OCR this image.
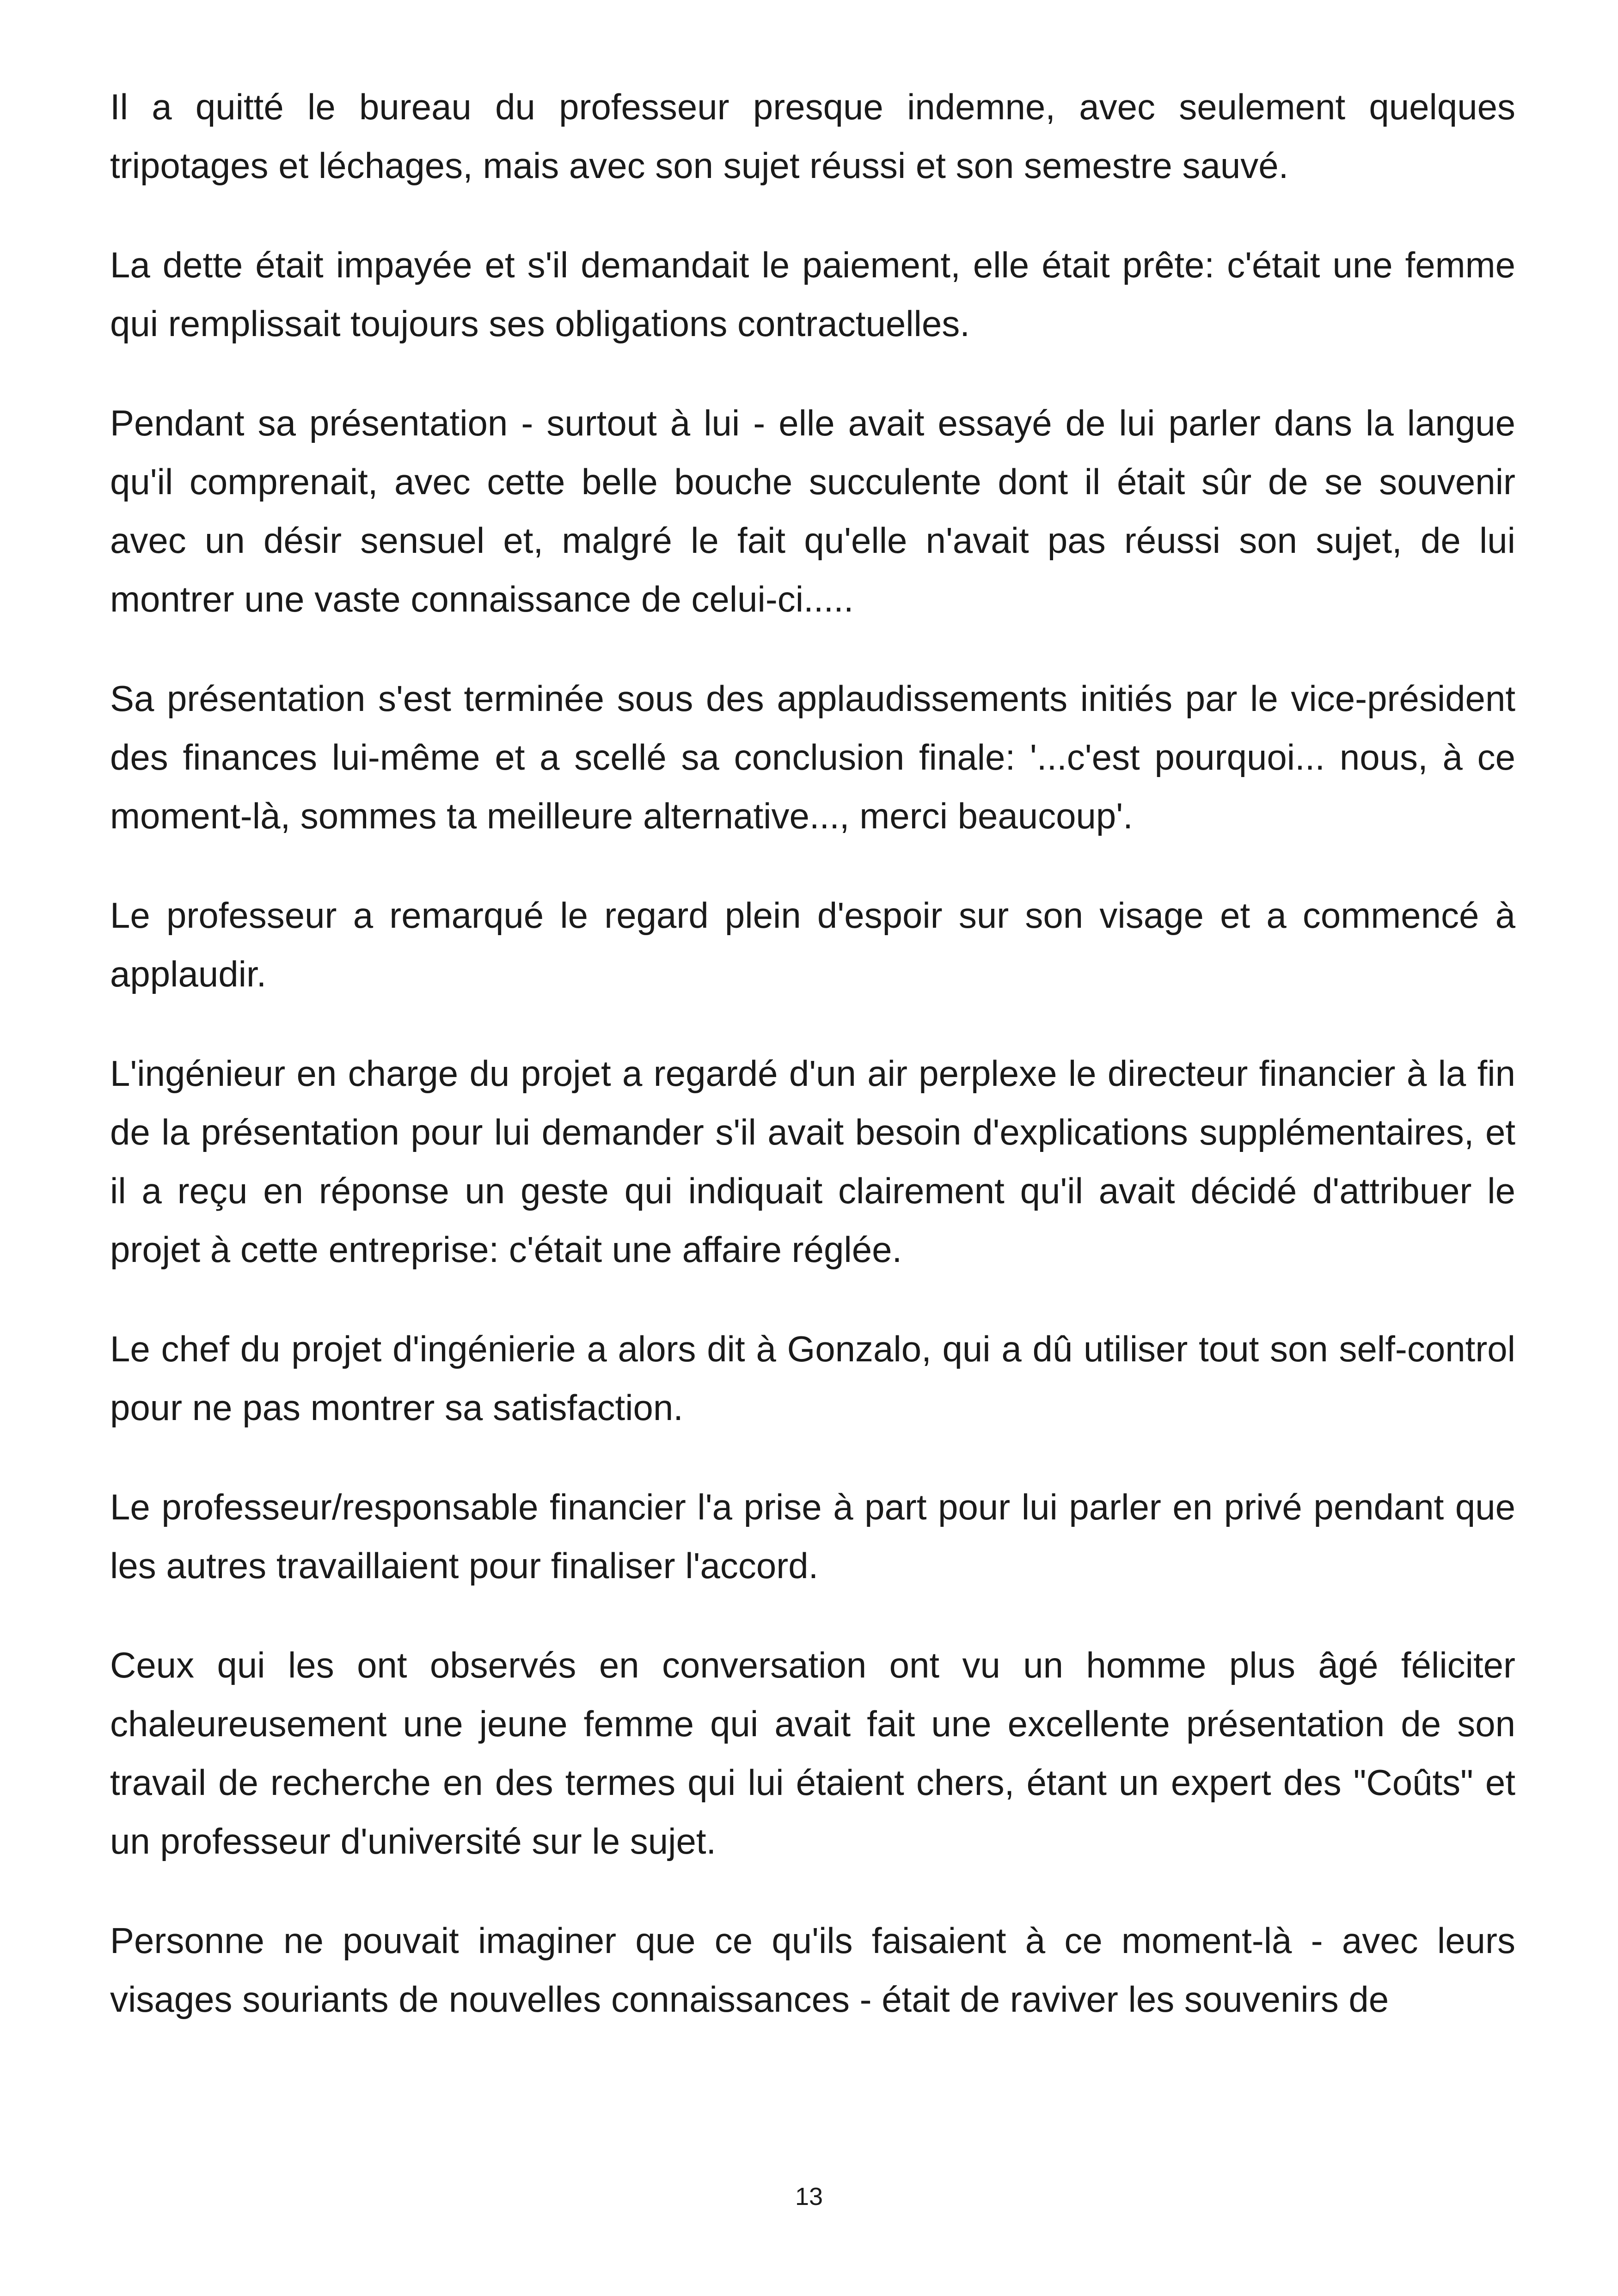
Il a quitté le bureau du professeur presque indemne, avec seulement quelques tripotages et léchages, mais avec son sujet réussi et son semestre sauvé.

La dette était impayée et s'il demandait le paiement, elle était prête: c'était une femme qui remplissait toujours ses obligations contractuelles.

Pendant sa présentation - surtout à lui - elle avait essayé de lui parler dans la langue qu'il comprenait, avec cette belle bouche succulente dont il était sûr de se souvenir avec un désir sensuel et, malgré le fait qu'elle n'avait pas réussi son sujet, de lui montrer une vaste connaissance de celui-ci.....

Sa présentation s'est terminée sous des applaudissements initiés par le vice-président des finances lui-même et a scellé sa conclusion finale: '...c'est pourquoi... nous, à ce moment-là, sommes ta meilleure alternative..., merci beaucoup'.

Le professeur a remarqué le regard plein d'espoir sur son visage et a commencé à applaudir.

L'ingénieur en charge du projet a regardé d'un air perplexe le directeur financier à la fin de la présentation pour lui demander s'il avait besoin d'explications supplémentaires, et il a reçu en réponse un geste qui indiquait clairement qu'il avait décidé d'attribuer le projet à cette entreprise: c'était une affaire réglée.

Le chef du projet d'ingénierie a alors dit à Gonzalo, qui a dû utiliser tout son self-control pour ne pas montrer sa satisfaction.

Le professeur/responsable financier l'a prise à part pour lui parler en privé pendant que les autres travaillaient pour finaliser l'accord.

Ceux qui les ont observés en conversation ont vu un homme plus âgé féliciter chaleureusement une jeune femme qui avait fait une excellente présentation de son travail de recherche en des termes qui lui étaient chers, étant un expert des "Coûts" et un professeur d'université sur le sujet.

Personne ne pouvait imaginer que ce qu'ils faisaient à ce moment-là - avec leurs visages souriants de nouvelles connaissances - était de raviver les souvenirs de

13
